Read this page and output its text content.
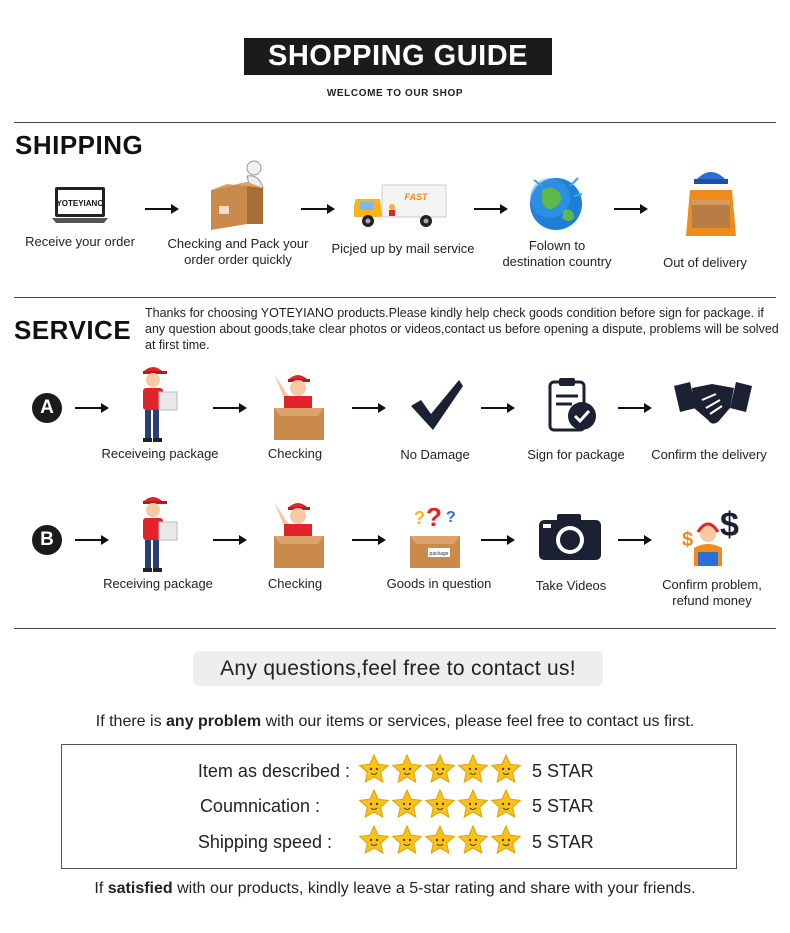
SHOPPING GUIDE
WELCOME TO OUR SHOP
SHIPPING
YOTEYIANO
FAST
Receive your order	Checking and Pack your order order quickly
Picjed up by mail service	Folown to destination country	Out of delivery
SERVICE
Thanks for choosing YOTEYIANO products.Please kindly help check goods condition before sign for package. if any question about goods,take clear photos or videos,contact us before opening a dispute, problems will be solved at first time.
A
Receiveing package	Checking	No Damage	Sign for package	Confirm the delivery
B
? ? ?
package
$
$
Receiving package	Checking	Goods in question	Take Videos	Confirm problem, refund money
Any questions,feel free to contact us!
If there is any problem with our items or services, please feel free to contact us first.
Item as described :	5 STAR
Coumnication :	5 STAR
Shipping speed :	5 STAR
If satisfied with our products, kindly leave a 5-star rating and share with your friends.
